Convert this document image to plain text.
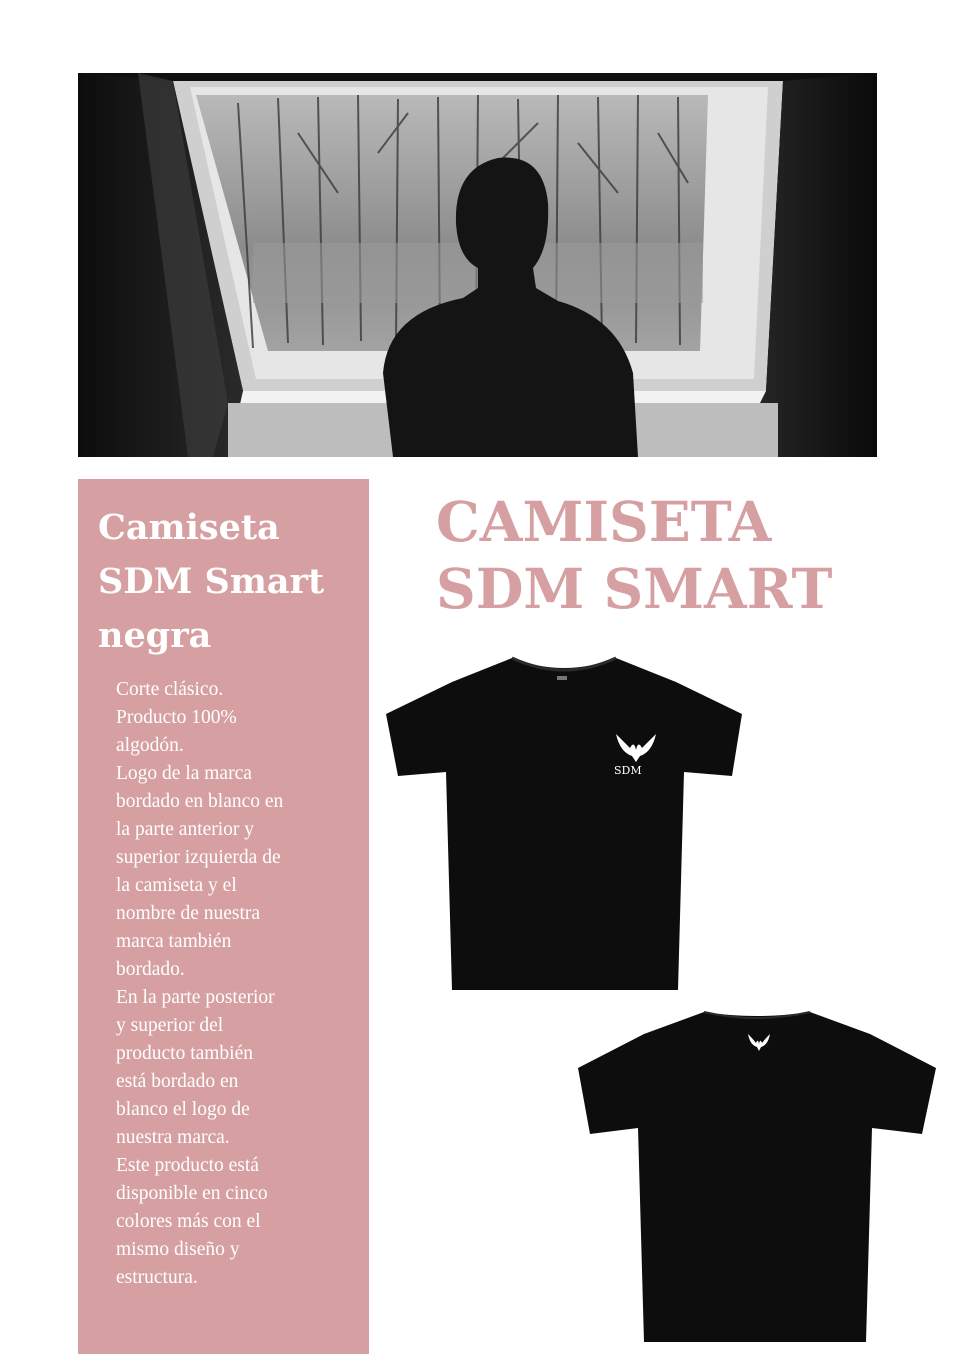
Camiseta
SDM Smart
negra

Corte clásico.
Producto 100%
algodón.
Logo de la marca
bordado en blanco en
la parte anterior y
superior izquierda de
la camiseta y el
nombre de nuestra
marca también
bordado.
En la parte posterior
y superior del
producto también
está bordado en
blanco el logo de
nuestra marca.
Este producto está
disponible en cinco
colores más con el
mismo diseño y
estructura.

CAMISETA
SDM SMART
SDM
